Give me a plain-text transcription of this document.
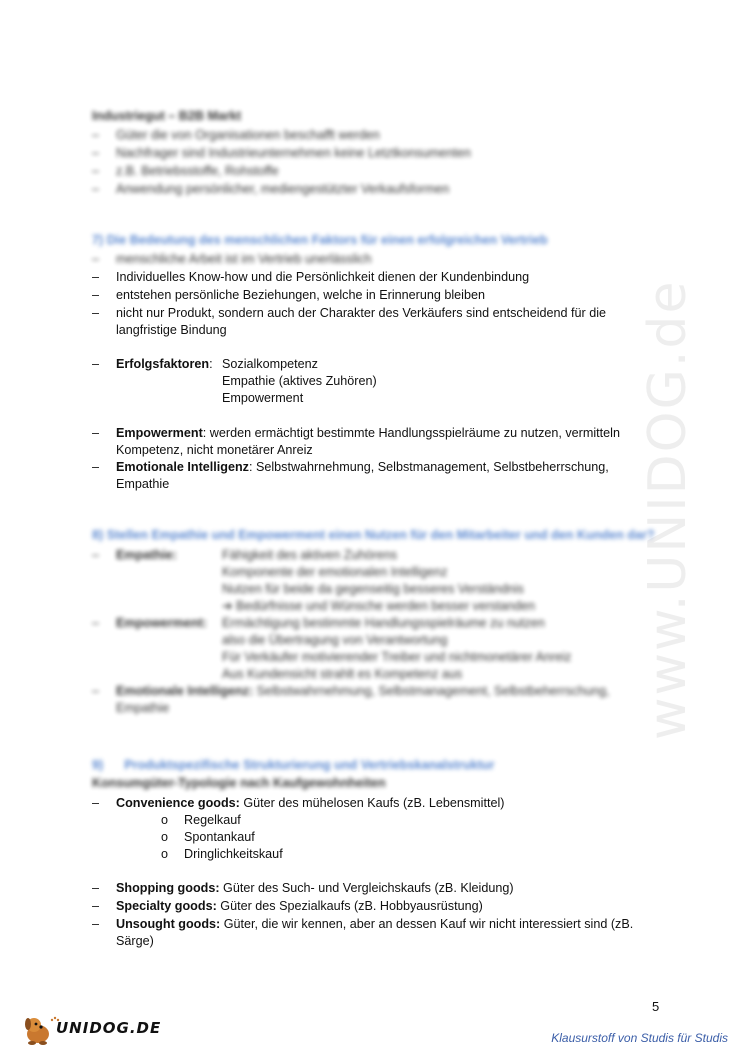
www.UNIDOG.de
Industriegut – B2B Markt
–	Güter die von Organisationen beschafft werden
–	Nachfrager sind Industrieunternehmen keine Letztkonsumenten
–	z.B. Betriebsstoffe, Rohstoffe
–	Anwendung persönlicher, mediengestützter Verkaufsformen
7) Die Bedeutung des menschlichen Faktors für einen erfolgreichen Vertrieb
–	menschliche Arbeit ist im Vertrieb unerlässlich
–	Individuelles Know-how und die Persönlichkeit dienen der Kundenbindung
–	entstehen persönliche Beziehungen, welche in Erinnerung bleiben
–	nicht nur Produkt, sondern auch der Charakter des Verkäufers sind entscheidend für die
langfristige Bindung
–	Erfolgsfaktoren: Sozialkompetenz
Empathie (aktives Zuhören)
Empowerment
–	Empowerment: werden ermächtigt bestimmte Handlungsspielräume zu nutzen, vermitteln
Kompetenz, nicht monetärer Anreiz
–	Emotionale Intelligenz: Selbstwahrnehmung, Selbstmanagement, Selbstbeherrschung,
Empathie
8) Stellen Empathie und Empowerment einen Nutzen für den Mitarbeiter und den Kunden dar?
–	Empathie:	Fähigkeit des aktiven Zuhörens
Komponente der emotionalen Intelligenz
Nutzen für beide da gegenseitig besseres Verständnis
➔ Bedürfnisse und Wünsche werden besser verstanden
–	Empowerment:	Ermächtigung bestimmte Handlungsspielräume zu nutzen
also die Übertragung von Verantwortung
Für Verkäufer motivierender Treiber und nichtmonetärer Anreiz
Aus Kundensicht strahlt es Kompetenz aus
–	Emotionale Intelligenz: Selbstwahrnehmung, Selbstmanagement, Selbstbeherrschung,
Empathie
9)      Produktspezifische Strukturierung und Vertriebskanalstruktur
Konsumgüter-Typologie nach Kaufgewohnheiten
–	Convenience goods: Güter des mühelosen Kaufs (zB. Lebensmittel)
o	Regelkauf
o	Spontankauf
o	Dringlichkeitskauf
–	Shopping goods: Güter des Such- und Vergleichskaufs (zB. Kleidung)
–	Specialty goods: Güter des Spezialkaufs (zB. Hobbyausrüstung)
–	Unsought goods: Güter, die wir kennen, aber an dessen Kauf wir nicht interessiert sind (zB.
Särge)
5
UNIDOG.DE
Klausurstoff von Studis für Studis
